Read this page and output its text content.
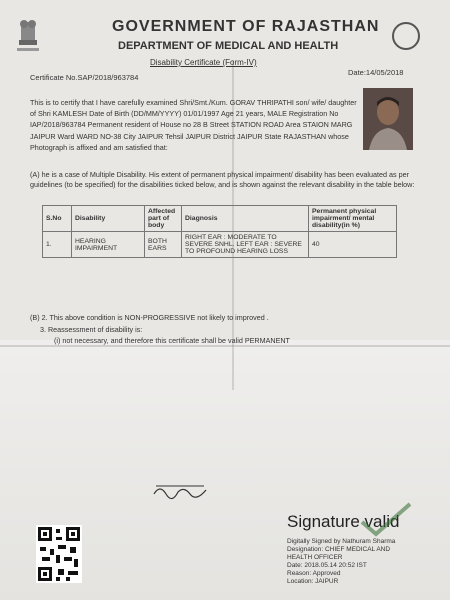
GOVERNMENT OF RAJASTHAN
DEPARTMENT OF MEDICAL AND HEALTH
Disability Certificate (Form-IV)
Certificate No.SAP/2018/963784
Date:14/05/2018
This is to certify that I have carefully examined Shri/Smt./Kum. GORAV THRIPATHI son/ wife/ daughter of Shri KAMLESH Date of Birth (DD/MM/YYYY) 01/01/1997 Age 21 years, MALE Registration No IAP/2018/963784 Permanent resident of House no 28 B Street STATION ROAD Area STAION MARG JAIPUR Ward WARD NO-38 City JAIPUR Tehsil JAIPUR District JAIPUR State RAJASTHAN whose Photograph is affixed and am satisfied that:
(A) he is a case of Multiple Disability. His extent of permanent physical impairment/ disability has been evaluated as per guidelines (to be specified) for the disabilities ticked below, and is shown against the relevant disability in the table below:
S.No	Disability	Affected part of body	Diagnosis	Permanent physical impairment/ mental disability(in %)
1.	HEARING IMPAIRMENT	BOTH EARS	RIGHT EAR : MODERATE TO SEVERE SNHL. LEFT EAR : SEVERE TO PROFOUND HEARING LOSS	40
(B) 2. This above condition is NON-PROGRESSIVE not likely to improved .
3. Reassessment of disability is:
(i) not necessary, and therefore this certificate shall be valid PERMANENT
Signature valid
Digitally Signed by Nathuram Sharma
Designation: CHIEF MEDICAL AND
HEALTH OFFICER
Date: 2018.05.14 20:52 IST
Reason: Approved
Location: JAIPUR
